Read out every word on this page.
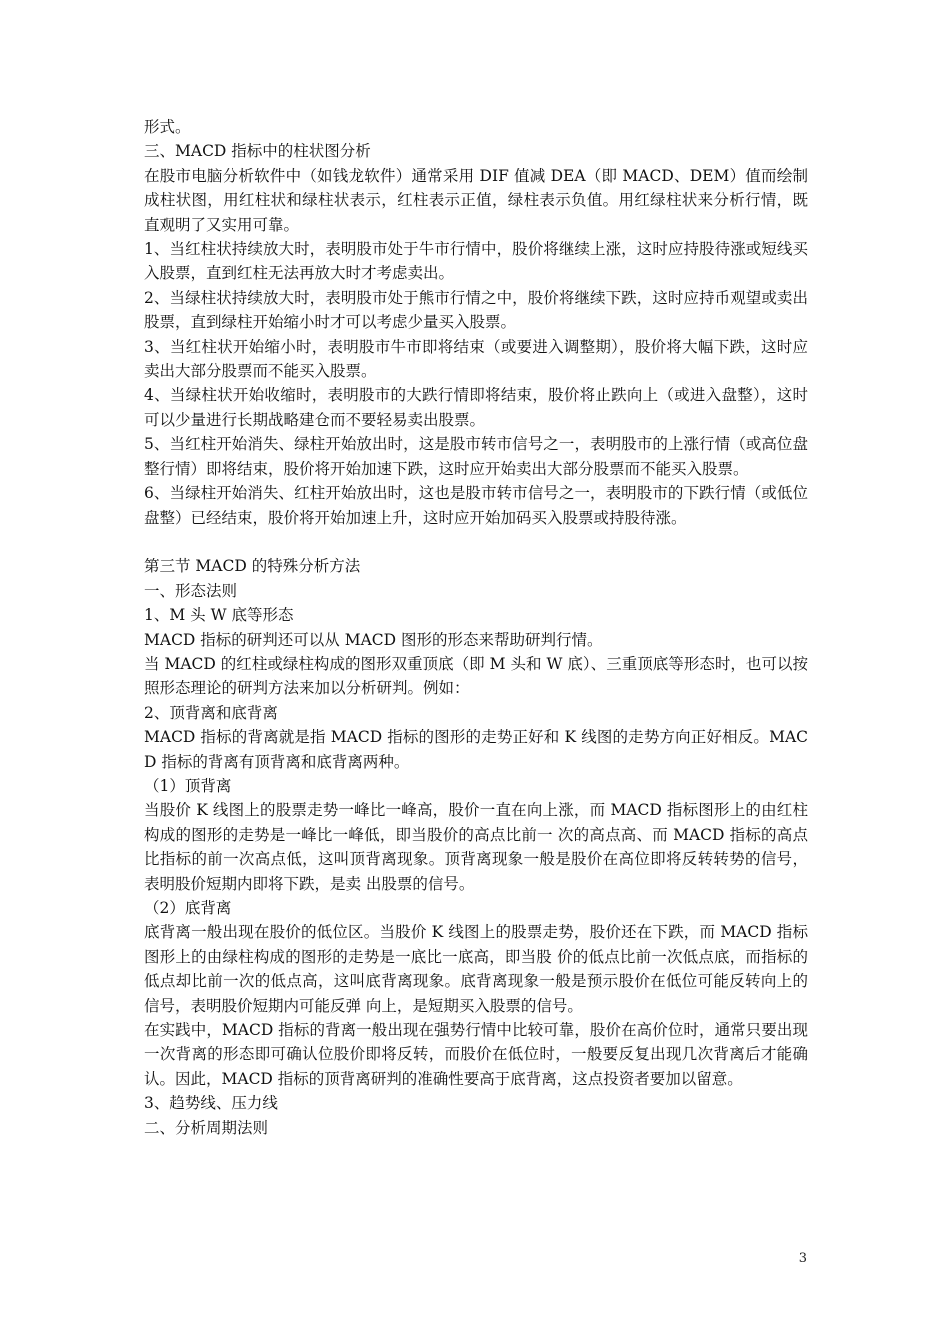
形式。

三、MACD 指标中的柱状图分析

在股市电脑分析软件中（如钱龙软件）通常采用 DIF 值减 DEA（即 MACD、DEM）值而绘制成柱状图，用红柱状和绿柱状表示，红柱表示正值，绿柱表示负值。用红绿柱状来分析行情，既直观明了又实用可靠。

1、当红柱状持续放大时，表明股市处于牛市行情中，股价将继续上涨，这时应持股待涨或短线买入股票，直到红柱无法再放大时才考虑卖出。

2、当绿柱状持续放大时，表明股市处于熊市行情之中，股价将继续下跌，这时应持币观望或卖出股票，直到绿柱开始缩小时才可以考虑少量买入股票。

3、当红柱状开始缩小时，表明股市牛市即将结束（或要进入调整期），股价将大幅下跌，这时应卖出大部分股票而不能买入股票。

4、当绿柱状开始收缩时，表明股市的大跌行情即将结束，股价将止跌向上（或进入盘整），这时可以少量进行长期战略建仓而不要轻易卖出股票。

5、当红柱开始消失、绿柱开始放出时，这是股市转市信号之一，表明股市的上涨行情（或高位盘整行情）即将结束，股价将开始加速下跌，这时应开始卖出大部分股票而不能买入股票。

6、当绿柱开始消失、红柱开始放出时，这也是股市转市信号之一，表明股市的下跌行情（或低位盘整）已经结束，股价将开始加速上升，这时应开始加码买入股票或持股待涨。

第三节 MACD 的特殊分析方法

一、形态法则

1、M 头 W 底等形态

MACD 指标的研判还可以从 MACD 图形的形态来帮助研判行情。

当 MACD 的红柱或绿柱构成的图形双重顶底（即 M 头和 W 底）、三重顶底等形态时，也可以按照形态理论的研判方法来加以分析研判。例如：

2、顶背离和底背离

MACD 指标的背离就是指 MACD 指标的图形的走势正好和 K 线图的走势方向正好相反。MACD 指标的背离有顶背离和底背离两种。

（1）顶背离

当股价 K 线图上的股票走势一峰比一峰高，股价一直在向上涨，而 MACD 指标图形上的由红柱构成的图形的走势是一峰比一峰低，即当股价的高点比前一 次的高点高、而 MACD 指标的高点比指标的前一次高点低，这叫顶背离现象。顶背离现象一般是股价在高位即将反转转势的信号，表明股价短期内即将下跌，是卖 出股票的信号。

（2）底背离

底背离一般出现在股价的低位区。当股价 K 线图上的股票走势，股价还在下跌，而 MACD 指标图形上的由绿柱构成的图形的走势是一底比一底高，即当股 价的低点比前一次低点底，而指标的低点却比前一次的低点高，这叫底背离现象。底背离现象一般是预示股价在低位可能反转向上的信号，表明股价短期内可能反弹 向上，是短期买入股票的信号。

在实践中，MACD 指标的背离一般出现在强势行情中比较可靠，股价在高价位时，通常只要出现一次背离的形态即可确认位股价即将反转，而股价在低位时，一般要反复出现几次背离后才能确认。因此，MACD 指标的顶背离研判的准确性要高于底背离，这点投资者要加以留意。

3、趋势线、压力线

二、分析周期法则

3
